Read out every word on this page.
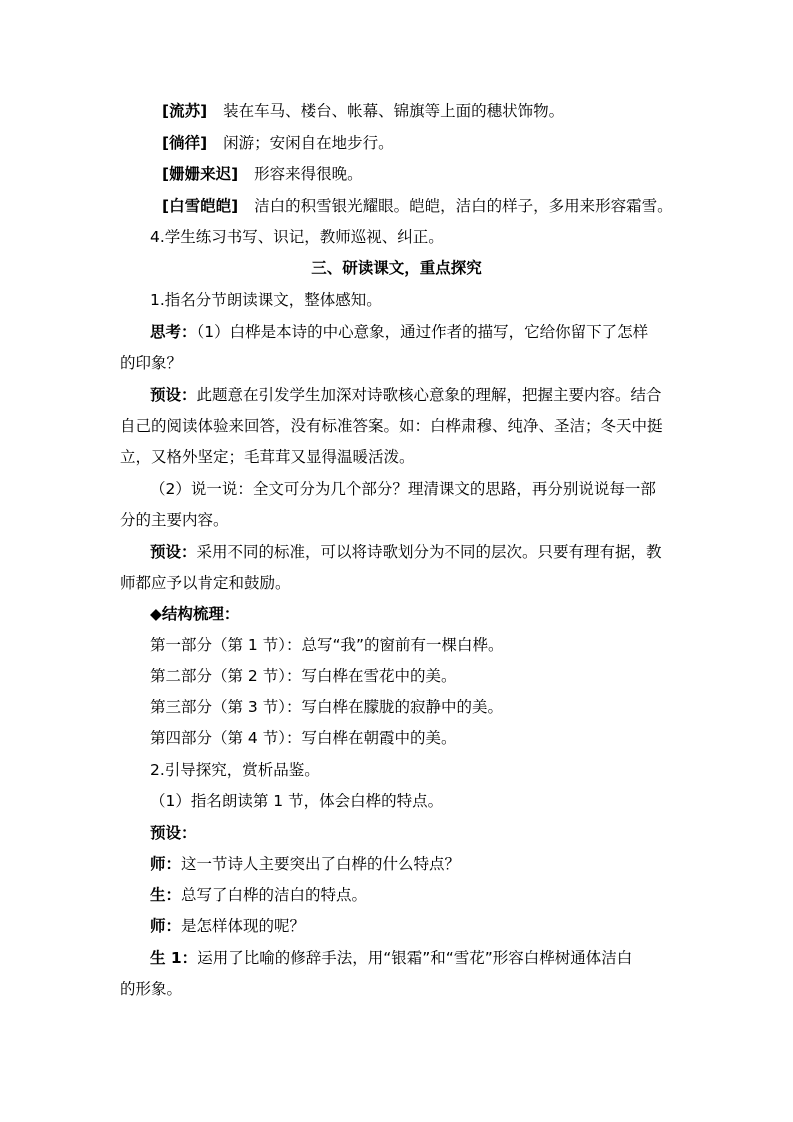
[流苏] 装在车马、楼台、帐幕、锦旗等上面的穗状饰物。
[徜徉] 闲游；安闲自在地步行。
[姗姗来迟] 形容来得很晚。
[白雪皑皑] 洁白的积雪银光耀眼。皑皑，洁白的样子，多用来形容霜雪。
4.学生练习书写、识记，教师巡视、纠正。
三、研读课文，重点探究
1.指名分节朗读课文，整体感知。
思考：（1）白桦是本诗的中心意象，通过作者的描写，它给你留下了怎样
的印象？
预设：此题意在引发学生加深对诗歌核心意象的理解，把握主要内容。结合
自己的阅读体验来回答，没有标准答案。如：白桦肃穆、纯净、圣洁；冬天中挺
立，又格外坚定；毛茸茸又显得温暖活泼。
（2）说一说：全文可分为几个部分？理清课文的思路，再分别说说每一部
分的主要内容。
预设：采用不同的标准，可以将诗歌划分为不同的层次。只要有理有据，教
师都应予以肯定和鼓励。
◆结构梳理：
第一部分（第 1 节）：总写“我”的窗前有一棵白桦。
第二部分（第 2 节）：写白桦在雪花中的美。
第三部分（第 3 节）：写白桦在朦胧的寂静中的美。
第四部分（第 4 节）：写白桦在朝霞中的美。
2.引导探究，赏析品鉴。
（1）指名朗读第 1 节，体会白桦的特点。
预设：
师：这一节诗人主要突出了白桦的什么特点？
生：总写了白桦的洁白的特点。
师：是怎样体现的呢？
生 1：运用了比喻的修辞手法，用“银霜”和“雪花”形容白桦树通体洁白
的形象。
